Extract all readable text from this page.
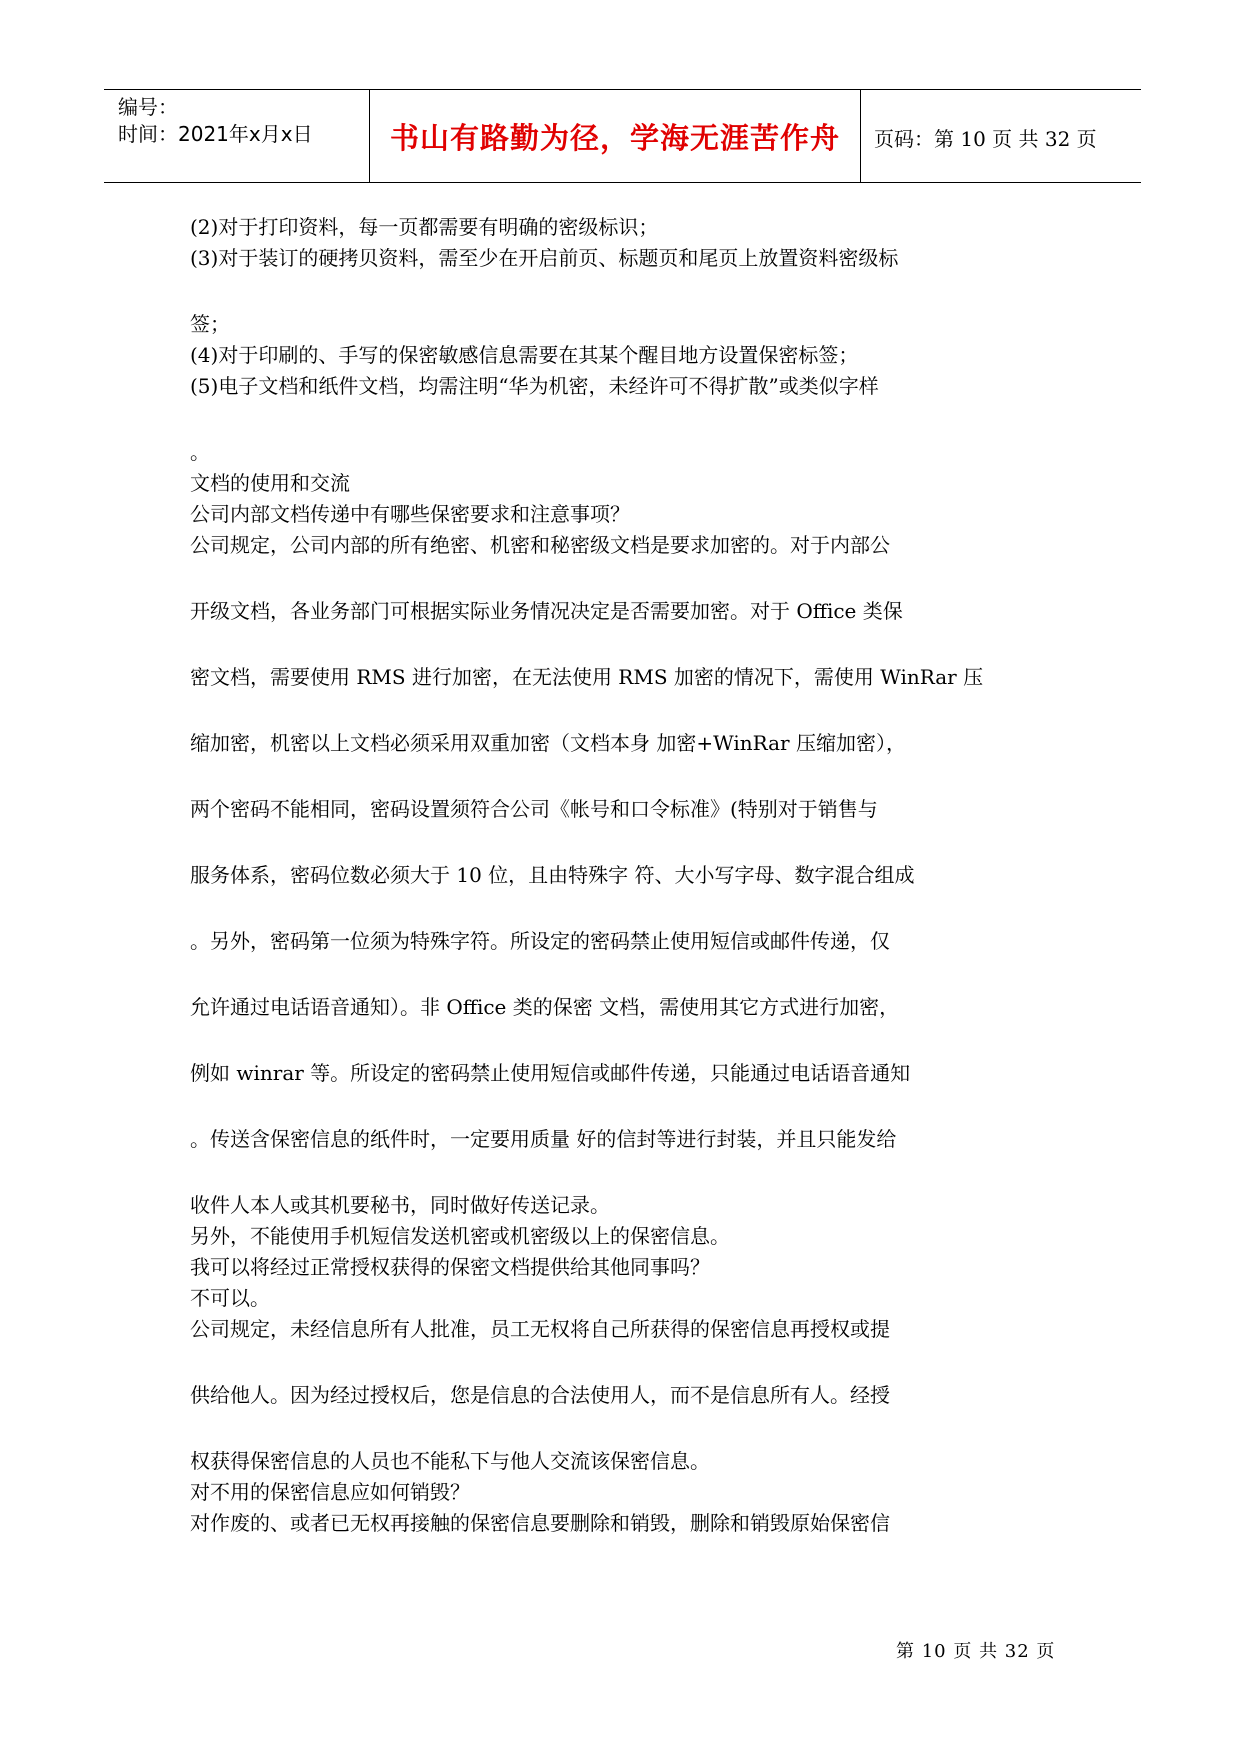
编号：
时间：2021年x月x日	书山有路勤为径，学海无涯苦作舟	页码：第 10 页 共 32 页
(2)对于打印资料，每一页都需要有明确的密级标识；
(3)对于装订的硬拷贝资料，需至少在开启前页、标题页和尾页上放置资料密级标
签；
(4)对于印刷的、手写的保密敏感信息需要在其某个醒目地方设置保密标签；
(5)电子文档和纸件文档，均需注明“华为机密，未经许可不得扩散”或类似字样
。
文档的使用和交流
公司内部文档传递中有哪些保密要求和注意事项？
公司规定，公司内部的所有绝密、机密和秘密级文档是要求加密的。对于内部公
开级文档，各业务部门可根据实际业务情况决定是否需要加密。对于 Office 类保
密文档，需要使用 RMS 进行加密，在无法使用 RMS 加密的情况下，需使用 WinRar 压
缩加密，机密以上文档必须采用双重加密（文档本身 加密+WinRar 压缩加密），
两个密码不能相同，密码设置须符合公司《帐号和口令标准》(特别对于销售与
服务体系，密码位数必须大于 10 位，且由特殊字 符、大小写字母、数字混合组成
。另外，密码第一位须为特殊字符。所设定的密码禁止使用短信或邮件传递，仅
允许通过电话语音通知）。非 Office 类的保密 文档，需使用其它方式进行加密，
例如 winrar 等。所设定的密码禁止使用短信或邮件传递，只能通过电话语音通知
。传送含保密信息的纸件时，一定要用质量 好的信封等进行封装，并且只能发给
收件人本人或其机要秘书，同时做好传送记录。
另外，不能使用手机短信发送机密或机密级以上的保密信息。
我可以将经过正常授权获得的保密文档提供给其他同事吗？
不可以。
公司规定，未经信息所有人批准，员工无权将自己所获得的保密信息再授权或提
供给他人。因为经过授权后，您是信息的合法使用人，而不是信息所有人。经授
权获得保密信息的人员也不能私下与他人交流该保密信息。
对不用的保密信息应如何销毁？
对作废的、或者已无权再接触的保密信息要删除和销毁，删除和销毁原始保密信
第 10 页 共 32 页
